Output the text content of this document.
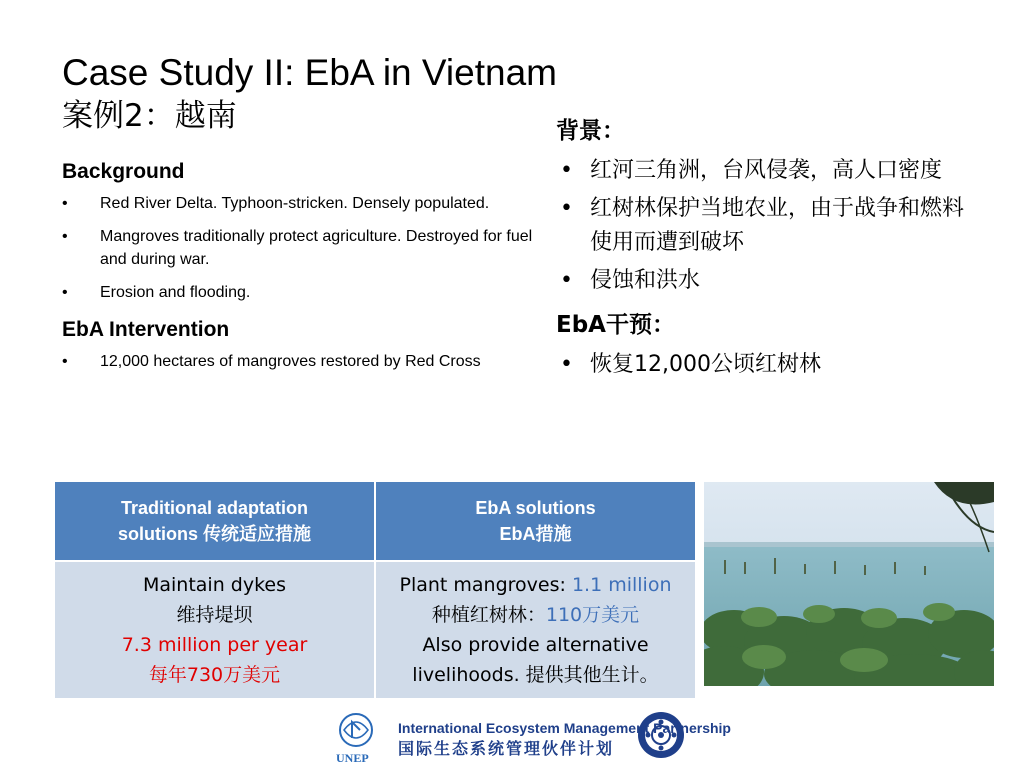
Case Study II: EbA in Vietnam
案例2：越南

Background

• Red River Delta. Typhoon-stricken. Densely populated.
• Mangroves traditionally protect agriculture. Destroyed for fuel and during war.
• Erosion and flooding.

EbA Intervention

• 12,000 hectares of mangroves restored by Red Cross

背景：

• 红河三角洲，台风侵袭，高人口密度
• 红树林保护当地农业，由于战争和燃料使用而遭到破坏
• 侵蚀和洪水

EbA干预：

• 恢复12,000公顷红树林
Traditional adaptation
solutions 传统适应措施	EbA solutions
EbA措施

Maintain dykes
维持堤坝
7.3 million per year
每年730万美元	Plant mangroves: 1.1 million
种植红树林：110万美元
Also provide alternative
livelihoods. 提供其他生计。
UNEP
International Ecosystem Management Partnership
国际生态系统管理伙伴计划
